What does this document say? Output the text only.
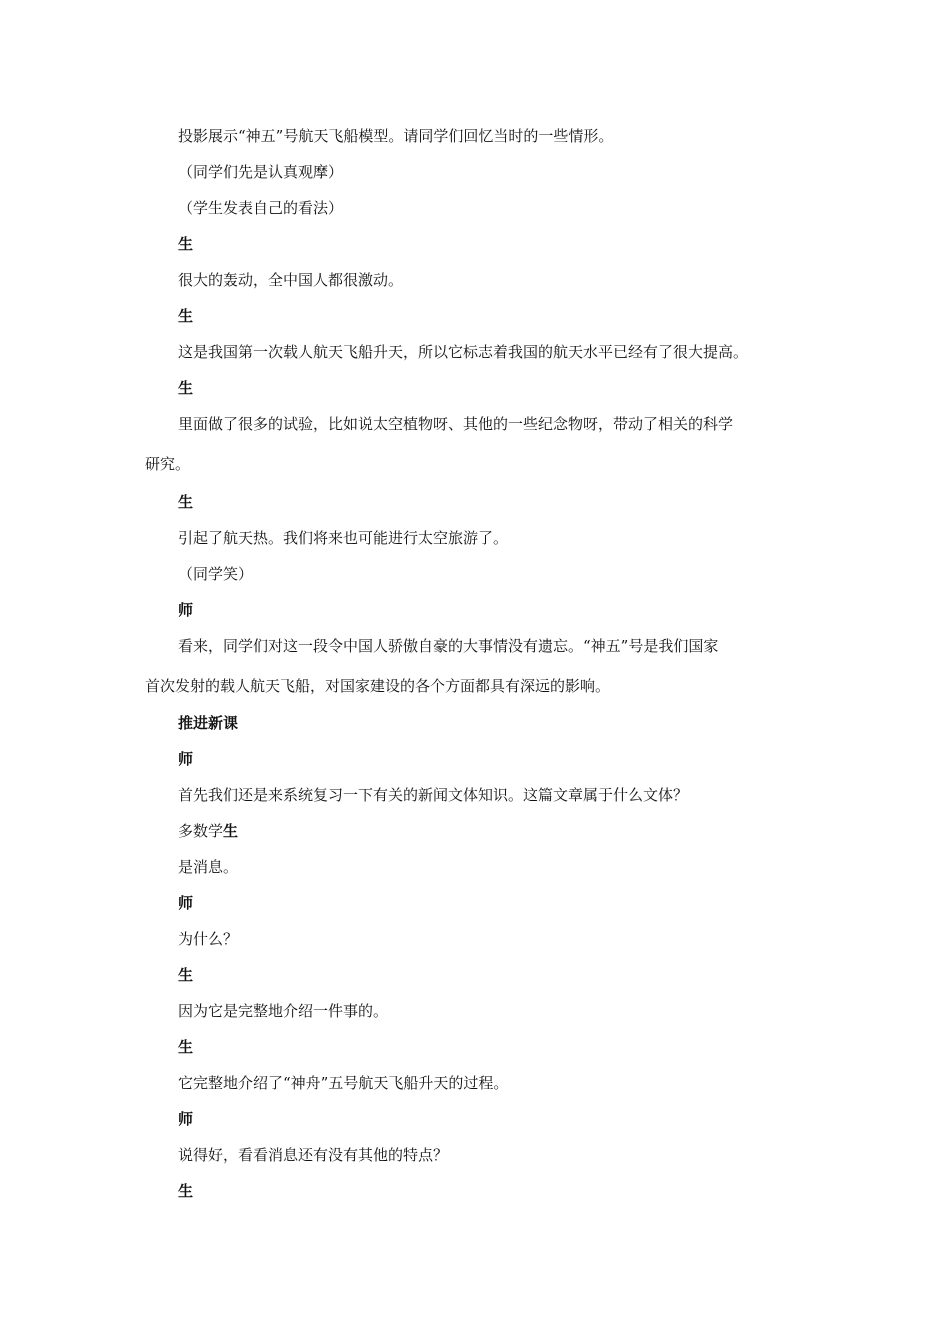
投影展示“神五”号航天飞船模型。请同学们回忆当时的一些情形。

（同学们先是认真观摩）

（学生发表自己的看法）

生

很大的轰动，全中国人都很激动。

生

这是我国第一次载人航天飞船升天，所以它标志着我国的航天水平已经有了很大提高。

生

里面做了很多的试验，比如说太空植物呀、其他的一些纪念物呀，带动了相关的科学

研究。

生

引起了航天热。我们将来也可能进行太空旅游了。

（同学笑）

师

看来，同学们对这一段令中国人骄傲自豪的大事情没有遗忘。“神五”号是我们国家

首次发射的载人航天飞船，对国家建设的各个方面都具有深远的影响。

推进新课

师

首先我们还是来系统复习一下有关的新闻文体知识。这篇文章属于什么文体？

多数学生

是消息。

师

为什么？

生

因为它是完整地介绍一件事的。

生

它完整地介绍了“神舟”五号航天飞船升天的过程。

师

说得好，看看消息还有没有其他的特点？

生
